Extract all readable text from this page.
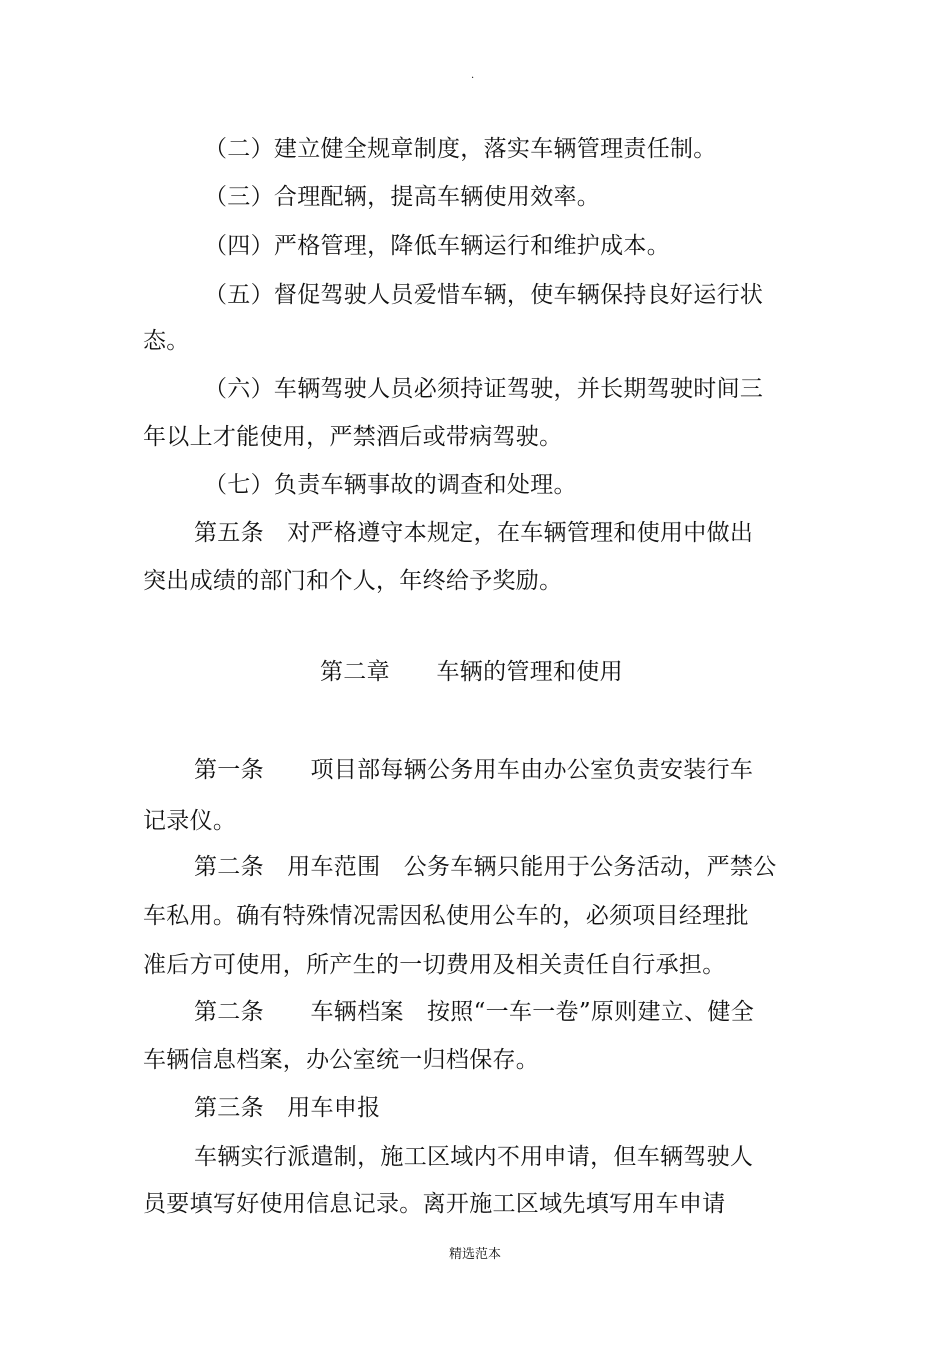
.
（二）建立健全规章制度，落实车辆管理责任制。
（三）合理配辆，提高车辆使用效率。
（四）严格管理，降低车辆运行和维护成本。
（五）督促驾驶人员爱惜车辆，使车辆保持良好运行状
态。
（六）车辆驾驶人员必须持证驾驶，并长期驾驶时间三
年以上才能使用，严禁酒后或带病驾驶。
（七）负责车辆事故的调查和处理。
第五条　对严格遵守本规定，在车辆管理和使用中做出
突出成绩的部门和个人，年终给予奖励。
第二章　　车辆的管理和使用
第一条　　项目部每辆公务用车由办公室负责安装行车
记录仪。
第二条　用车范围　公务车辆只能用于公务活动，严禁公
车私用。确有特殊情况需因私使用公车的，必须项目经理批
准后方可使用，所产生的一切费用及相关责任自行承担。
第二条　　车辆档案　按照“一车一卷”原则建立、健全
车辆信息档案，办公室统一归档保存。
第三条　用车申报
车辆实行派遣制，施工区域内不用申请，但车辆驾驶人
员要填写好使用信息记录。离开施工区域先填写用车申请
精选范本
